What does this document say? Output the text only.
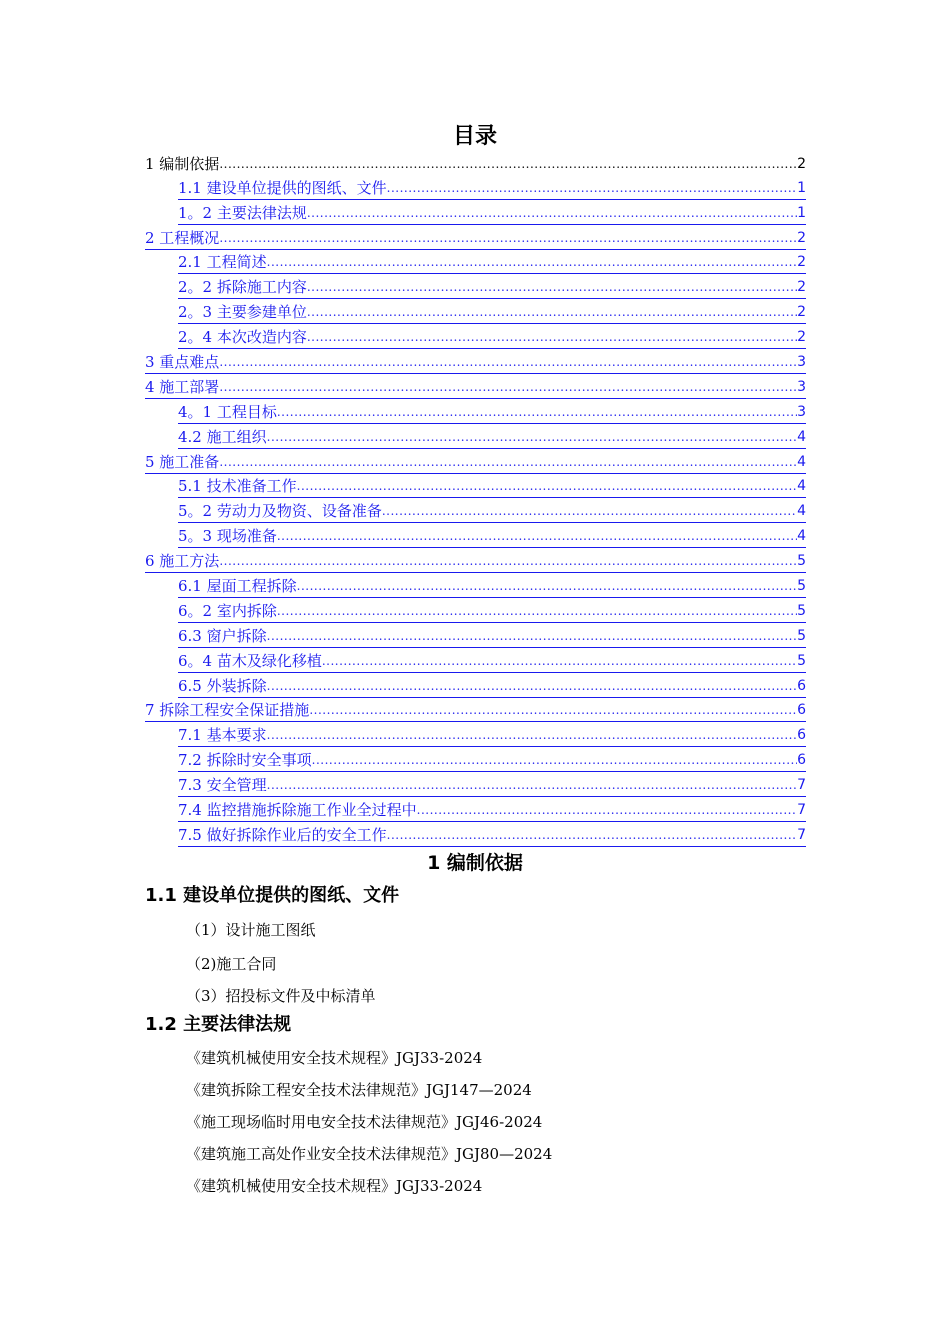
目录
1 编制依据 .....	2
1.1 建设单位提供的图纸、文件 .....	1
1。2 主要法律法规 .....	1
2 工程概况 .....	2
2.1 工程简述 .....	2
2。2 拆除施工内容 .....	2
2。3 主要参建单位 .....	2
2。4 本次改造内容 .....	2
3 重点难点 .....	3
4 施工部署 .....	3
4。1 工程目标 .....	3
4.2 施工组织 .....	4
5 施工准备 .....	4
5.1 技术准备工作 .....	4
5。2 劳动力及物资、设备准备 .....	4
5。3 现场准备 .....	4
6 施工方法 .....	5
6.1 屋面工程拆除 .....	5
6。2 室内拆除 .....	5
6.3 窗户拆除 .....	5
6。4 苗木及绿化移植 .....	5
6.5 外装拆除 .....	6
7 拆除工程安全保证措施 .....	6
7.1 基本要求 .....	6
7.2 拆除时安全事项 .....	6
7.3 安全管理 .....	7
7.4 监控措施拆除施工作业全过程中 .....	7
7.5 做好拆除作业后的安全工作 .....	7
1 编制依据
1.1 建设单位提供的图纸、文件
（1）设计施工图纸
（2)施工合同
（3）招投标文件及中标清单
1.2 主要法律法规
《建筑机械使用安全技术规程》JGJ33-2024
《建筑拆除工程安全技术法律规范》JGJ147—2024
《施工现场临时用电安全技术法律规范》JGJ46-2024
《建筑施工高处作业安全技术法律规范》JGJ80—2024
《建筑机械使用安全技术规程》JGJ33-2024
